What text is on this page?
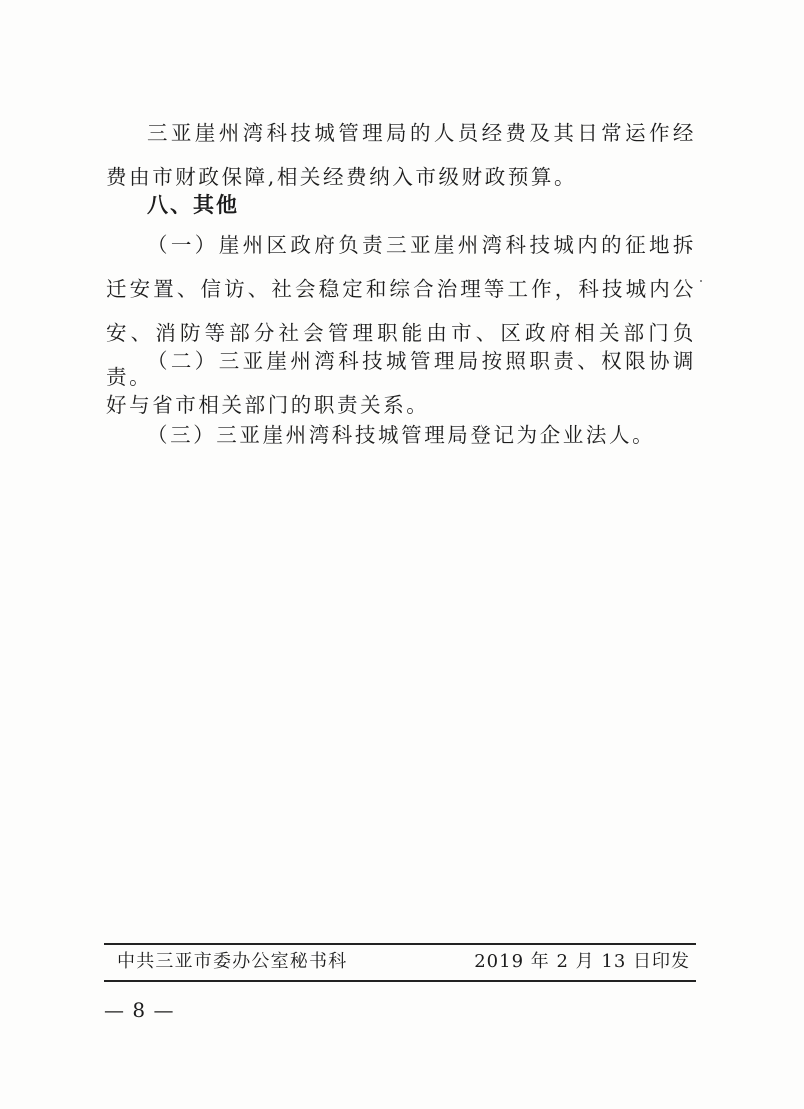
三亚崖州湾科技城管理局的人员经费及其日常运作经费由市财政保障,相关经费纳入市级财政预算。

八、其他

（一）崖州区政府负责三亚崖州湾科技城内的征地拆迁安置、信访、社会稳定和综合治理等工作，科技城内公安、消防等部分社会管理职能由市、区政府相关部门负责。

（二）三亚崖州湾科技城管理局按照职责、权限协调好与省市相关部门的职责关系。

（三）三亚崖州湾科技城管理局登记为企业法人。

中共三亚市委办公室秘书科	2019 年 2 月 13 日印发
— 8 —
